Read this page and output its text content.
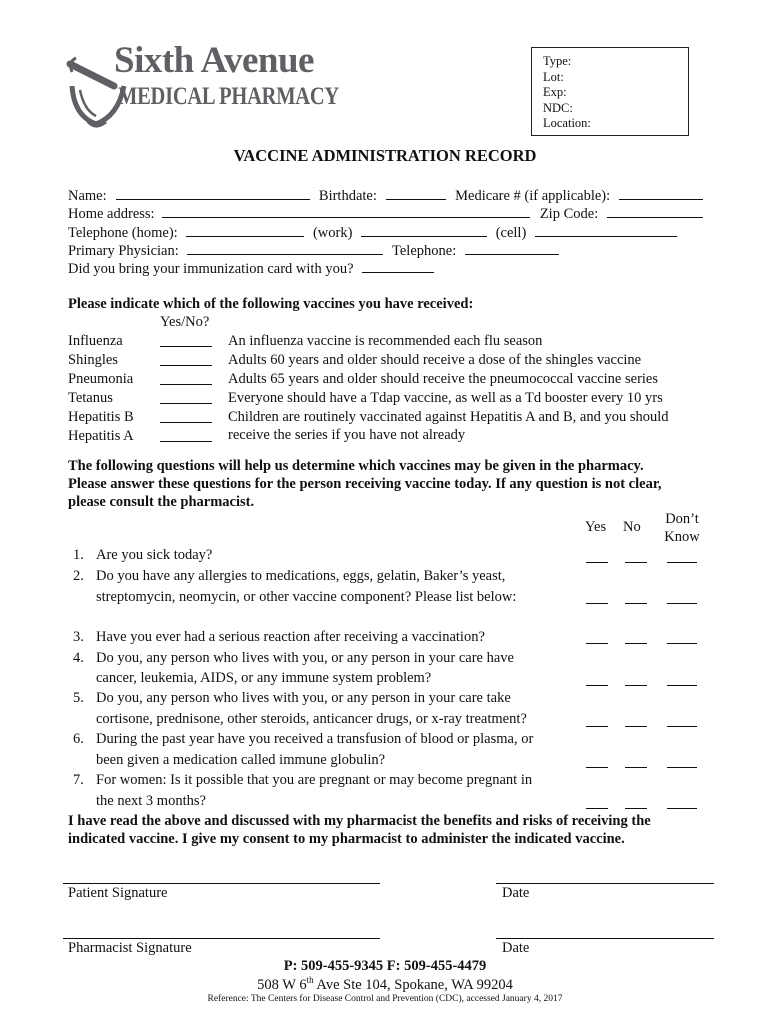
Sixth Avenue
MEDICAL PHARMACY
Type:
Lot:
Exp:
NDC:
Location:
VACCINE ADMINISTRATION RECORD
Name:	Birthdate:	Medicare # (if applicable):
Home address:	Zip Code:
Telephone (home):	(work)	(cell)
Primary Physician:	Telephone:
Did you bring your immunization card with you?
Please indicate which of the following vaccines you have received:
Yes/No?
Influenza	An influenza vaccine is recommended each flu season
Shingles	Adults 60 years and older should receive a dose of the shingles vaccine
Pneumonia	Adults 65 years and older should receive the pneumococcal vaccine series
Tetanus	Everyone should have a Tdap vaccine, as well as a Td booster every 10 yrs
Hepatitis B	Children are routinely vaccinated against Hepatitis A and B, and you should
Hepatitis A	receive the series if you have not already
The following questions will help us determine which vaccines may be given in the pharmacy.
Please answer these questions for the person receiving vaccine today. If any question is not clear,
please consult the pharmacist.
Yes No	Don’t
Know
1. Are you sick today?
2. Do you have any allergies to medications, eggs, gelatin, Baker’s yeast,
streptomycin, neomycin, or other vaccine component? Please list below:
3. Have you ever had a serious reaction after receiving a vaccination?
4. Do you, any person who lives with you, or any person in your care have
cancer, leukemia, AIDS, or any immune system problem?
5. Do you, any person who lives with you, or any person in your care take
cortisone, prednisone, other steroids, anticancer drugs, or x-ray treatment?
6. During the past year have you received a transfusion of blood or plasma, or
been given a medication called immune globulin?
7. For women: Is it possible that you are pregnant or may become pregnant in
the next 3 months?
I have read the above and discussed with my pharmacist the benefits and risks of receiving the
indicated vaccine. I give my consent to my pharmacist to administer the indicated vaccine.
Patient Signature	Date
Pharmacist Signature	Date
P: 509-455-9345 F: 509-455-4479
508 W 6th Ave Ste 104, Spokane, WA 99204
Reference: The Centers for Disease Control and Prevention (CDC), accessed January 4, 2017
